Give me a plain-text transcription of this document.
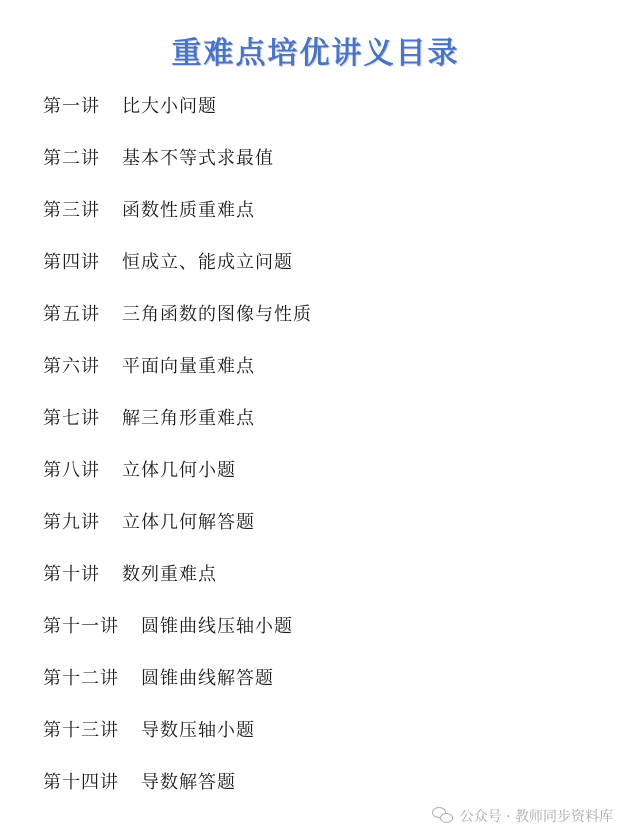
重难点培优讲义目录
第一讲 比大小问题
第二讲 基本不等式求最值
第三讲 函数性质重难点
第四讲 恒成立、能成立问题
第五讲 三角函数的图像与性质
第六讲 平面向量重难点
第七讲 解三角形重难点
第八讲 立体几何小题
第九讲 立体几何解答题
第十讲 数列重难点
第十一讲 圆锥曲线压轴小题
第十二讲 圆锥曲线解答题
第十三讲 导数压轴小题
第十四讲 导数解答题
公众号 · 教师同步资料库
